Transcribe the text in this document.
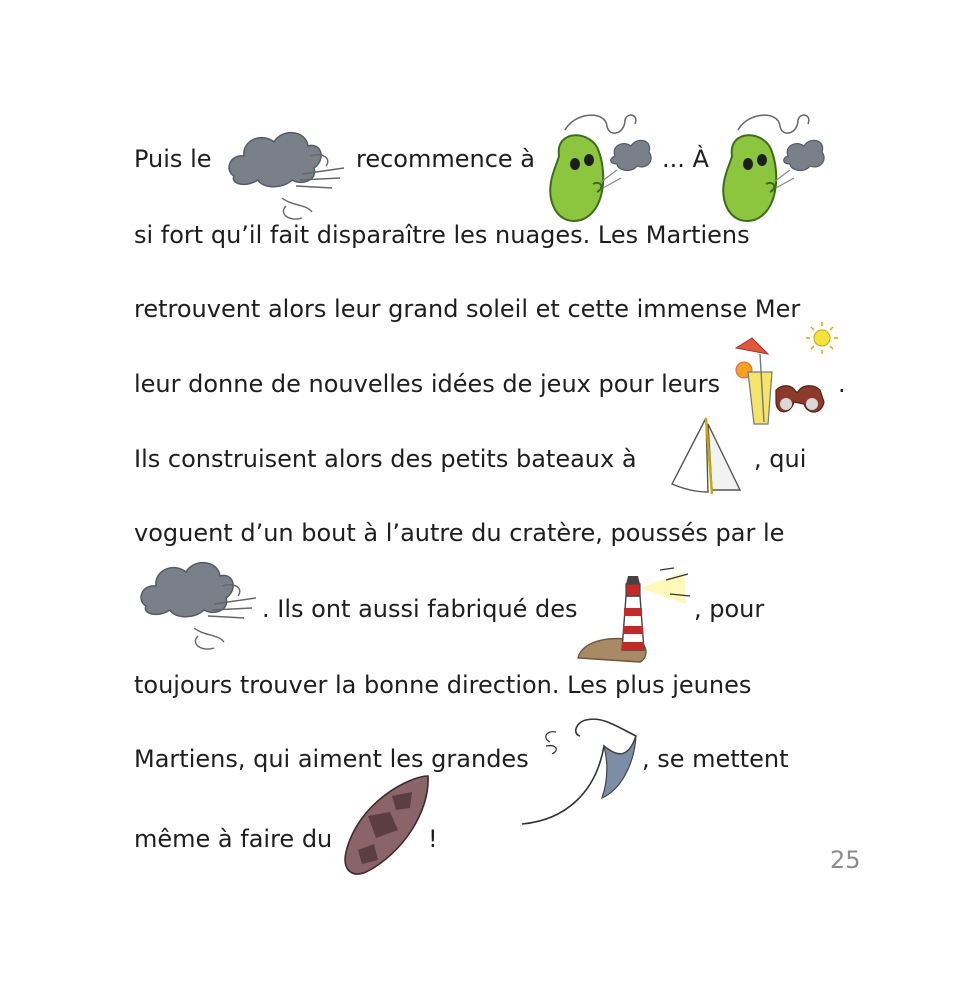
Puis le	recommence à	... À
si fort qu’il fait disparaître les nuages. Les Martiens
retrouvent alors leur grand soleil et cette immense Mer
leur donne de nouvelles idées de jeux pour leurs	.
Ils construisent alors des petits bateaux à	, qui
voguent d’un bout à l’autre du cratère, poussés par le
. Ils ont aussi fabriqué des	, pour
toujours trouver la bonne direction. Les plus jeunes
Martiens, qui aiment les grandes	, se mettent
même à faire du	!
25
